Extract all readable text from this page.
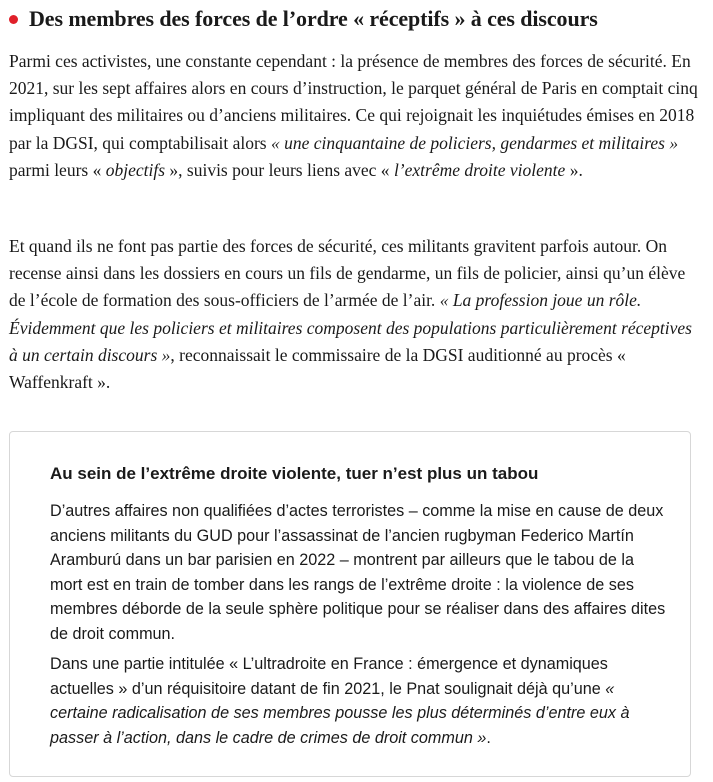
Des membres des forces de l’ordre « réceptifs » à ces discours

Parmi ces activistes, une constante cependant : la présence de membres des forces de sécurité. En 2021, sur les sept affaires alors en cours d’instruction, le parquet général de Paris en comptait cinq impliquant des militaires ou d’anciens militaires. Ce qui rejoignait les inquiétudes émises en 2018 par la DGSI, qui comptabilisait alors « une cinquantaine de policiers, gendarmes et militaires » parmi leurs « objectifs », suivis pour leurs liens avec « l’extrême droite violente ».

Et quand ils ne font pas partie des forces de sécurité, ces militants gravitent parfois autour. On recense ainsi dans les dossiers en cours un fils de gendarme, un fils de policier, ainsi qu’un élève de l’école de formation des sous-officiers de l’armée de l’air. « La profession joue un rôle. Évidemment que les policiers et militaires composent des populations particulièrement réceptives à un certain discours », reconnaissait le commissaire de la DGSI auditionné au procès « Waffenkraft ».

Au sein de l’extrême droite violente, tuer n’est plus un tabou

D’autres affaires non qualifiées d’actes terroristes – comme la mise en cause de deux anciens militants du GUD pour l’assassinat de l’ancien rugbyman Federico Martín Aramburú dans un bar parisien en 2022 – montrent par ailleurs que le tabou de la mort est en train de tomber dans les rangs de l’extrême droite : la violence de ses membres déborde de la seule sphère politique pour se réaliser dans des affaires dites de droit commun.

Dans une partie intitulée « L’ultradroite en France : émergence et dynamiques actuelles » d’un réquisitoire datant de fin 2021, le Pnat soulignait déjà qu’une « certaine radicalisation de ses membres pousse les plus déterminés d’entre eux à passer à l’action, dans le cadre de crimes de droit commun ».
